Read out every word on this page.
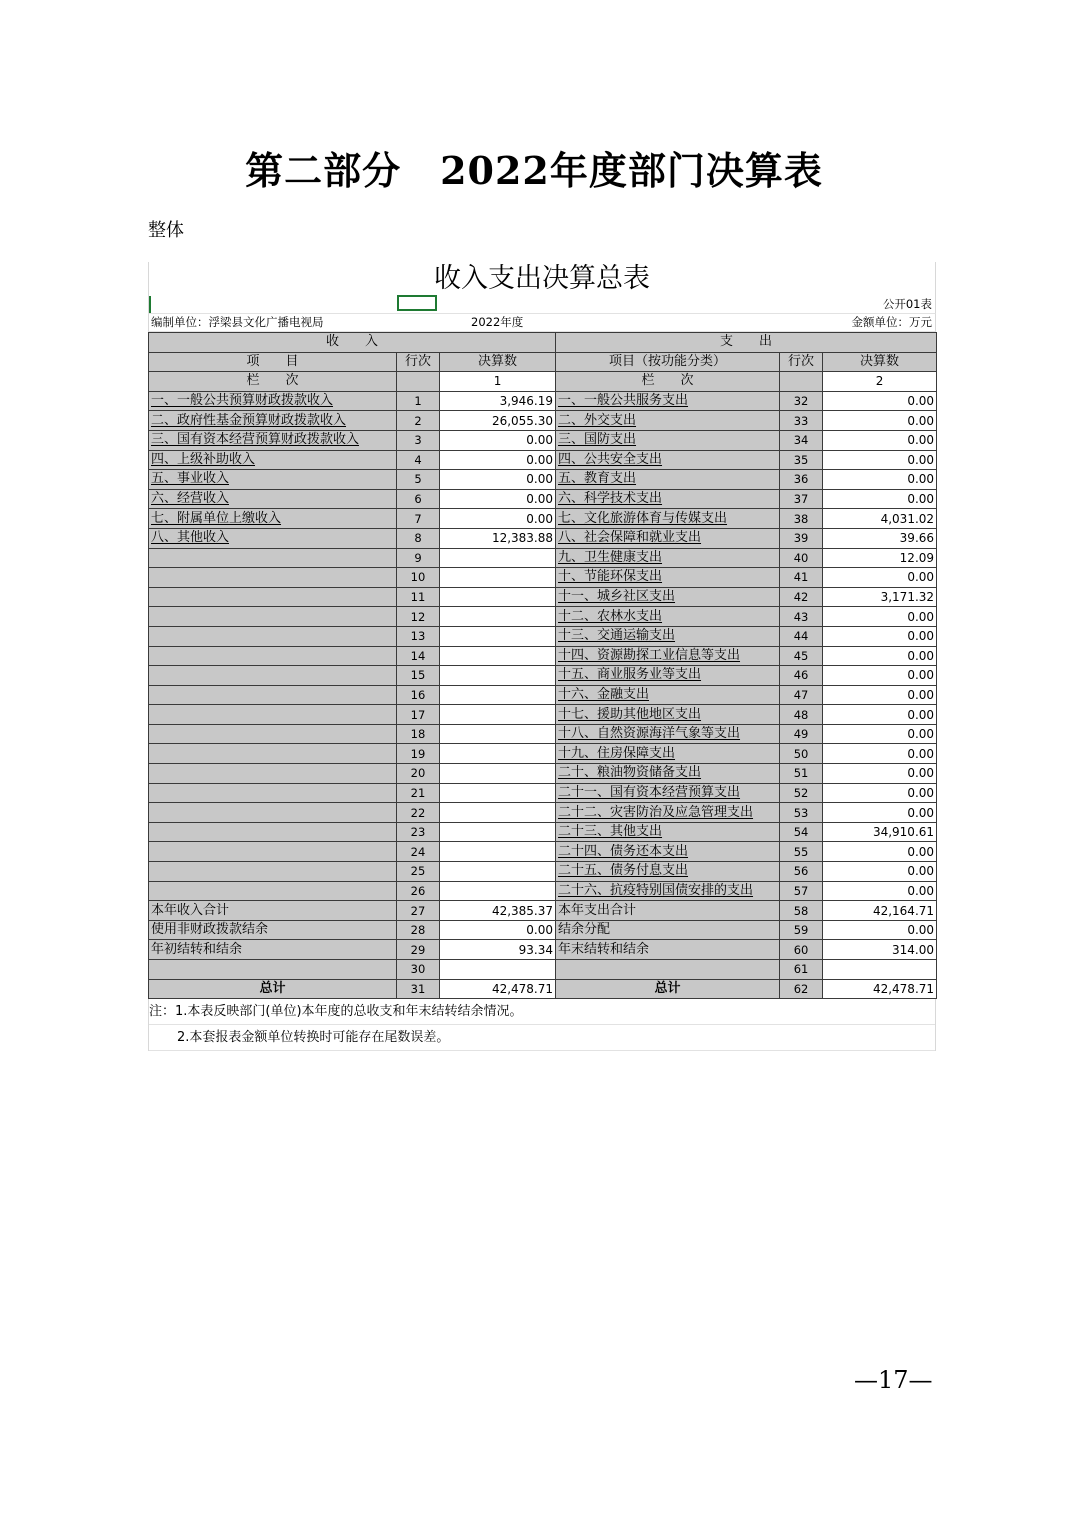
第二部分　2022年度部门决算表
整体
收入支出决算总表
公开01表
编制单位：浮梁县文化广播电视局	2022年度	金额单位：万元
收　　入			支　　出		
项　　目	行次	决算数	项目（按功能分类）	行次	决算数
栏　　次		1	栏　　次		2
一、一般公共预算财政拨款收入	1	3,946.19	一、一般公共服务支出	32	0.00
二、政府性基金预算财政拨款收入	2	26,055.30	二、外交支出	33	0.00
三、国有资本经营预算财政拨款收入	3	0.00	三、国防支出	34	0.00
四、上级补助收入	4	0.00	四、公共安全支出	35	0.00
五、事业收入	5	0.00	五、教育支出	36	0.00
六、经营收入	6	0.00	六、科学技术支出	37	0.00
七、附属单位上缴收入	7	0.00	七、文化旅游体育与传媒支出	38	4,031.02
八、其他收入	8	12,383.88	八、社会保障和就业支出	39	39.66
	9		九、卫生健康支出	40	12.09
	10		十、节能环保支出	41	0.00
	11		十一、城乡社区支出	42	3,171.32
	12		十二、农林水支出	43	0.00
	13		十三、交通运输支出	44	0.00
	14		十四、资源勘探工业信息等支出	45	0.00
	15		十五、商业服务业等支出	46	0.00
	16		十六、金融支出	47	0.00
	17		十七、援助其他地区支出	48	0.00
	18		十八、自然资源海洋气象等支出	49	0.00
	19		十九、住房保障支出	50	0.00
	20		二十、粮油物资储备支出	51	0.00
	21		二十一、国有资本经营预算支出	52	0.00
	22		二十二、灾害防治及应急管理支出	53	0.00
	23		二十三、其他支出	54	34,910.61
	24		二十四、债务还本支出	55	0.00
	25		二十五、债务付息支出	56	0.00
	26		二十六、抗疫特别国债安排的支出	57	0.00
本年收入合计	27	42,385.37	本年支出合计	58	42,164.71
使用非财政拨款结余	28	0.00	结余分配	59	0.00
年初结转和结余	29	93.34	年末结转和结余	60	314.00
	30			61	
总计	31	42,478.71	总计	62	42,478.71
注：1.本表反映部门(单位)本年度的总收支和年末结转结余情况。
2.本套报表金额单位转换时可能存在尾数误差。
—17—
